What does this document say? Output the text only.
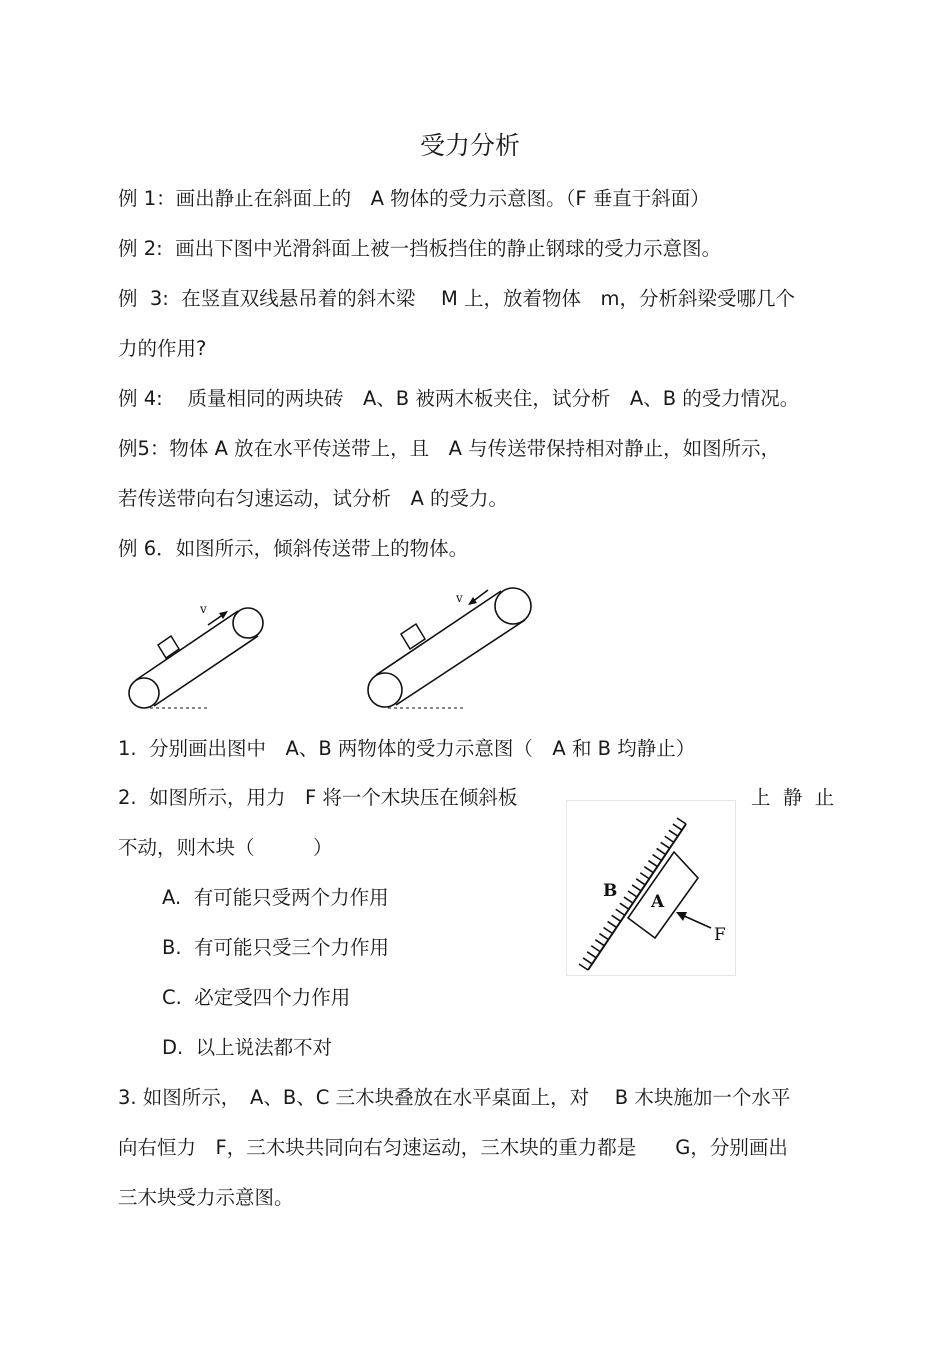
受力分析
例 1：画出静止在斜面上的　A 物体的受力示意图。（F 垂直于斜面）
例 2:  画出下图中光滑斜面上被一挡板挡住的静止钢球的受力示意图。
例  3:  在竖直双线悬吊着的斜木梁　 M 上，放着物体　m，分析斜梁受哪几个
力的作用?
例 4:    质量相同的两块砖　A、B 被两木板夹住，试分析　A、B 的受力情况。
例5：物体 A 放在水平传送带上，且　A 与传送带保持相对静止，如图所示，
若传送带向右匀速运动，试分析　A 的受力。
例 6．如图所示，倾斜传送带上的物体。
v
v
1.  分别画出图中　A、B 两物体的受力示意图（　A 和 B 均静止）
2.  如图所示，用力　F 将一个木块压在倾斜板	上  静  止
不动，则木块（　　　）
A.  有可能只受两个力作用
B.  有可能只受三个力作用
C.  必定受四个力作用
D.  以上说法都不对
B
A
F
3. 如图所示，　A、B、C 三木块叠放在水平桌面上，对　 B 木块施加一个水平
向右恒力　F，三木块共同向右匀速运动，三木块的重力都是　　G，分别画出
三木块受力示意图。
